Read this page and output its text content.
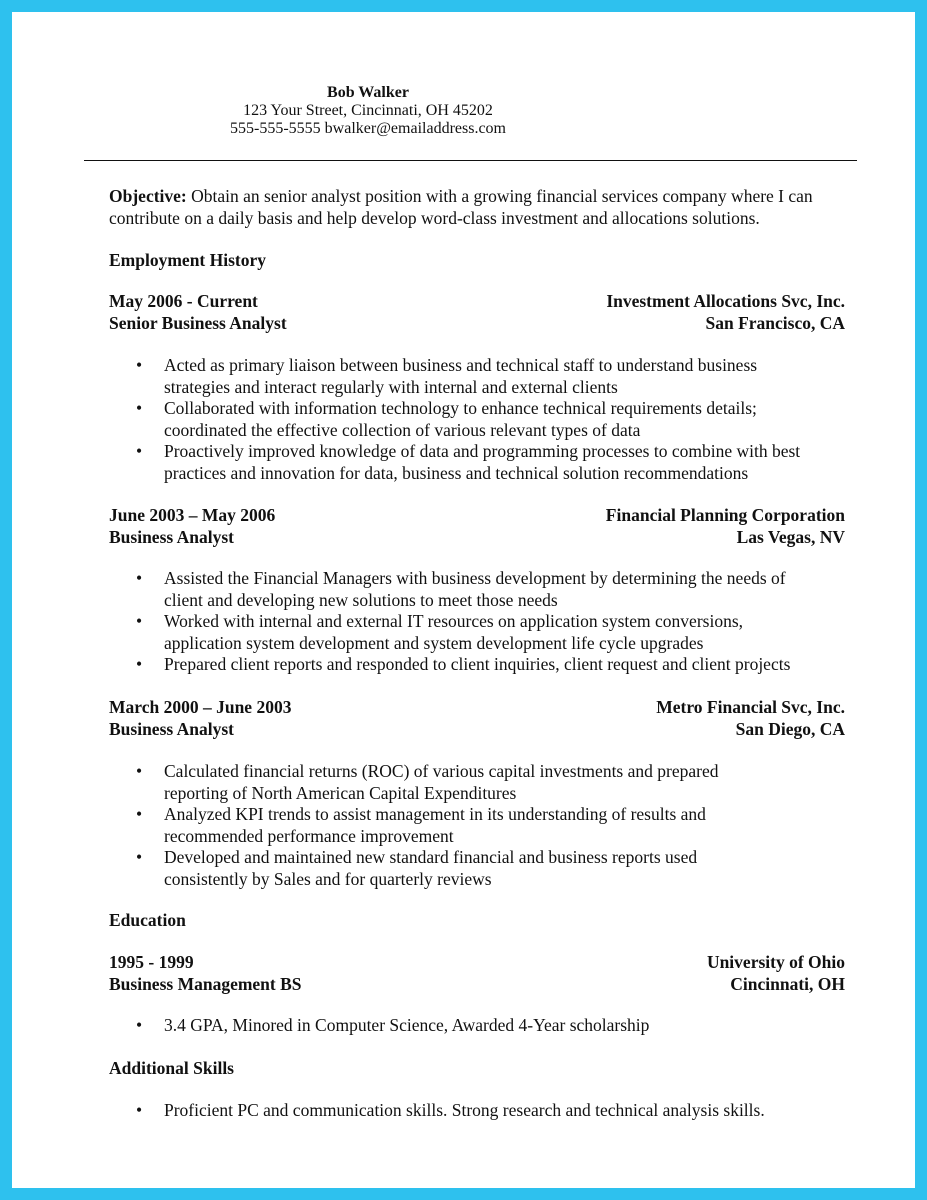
Bob Walker
123 Your Street, Cincinnati, OH 45202
555-555-5555 bwalker@emailaddress.com
Objective: Obtain an senior analyst position with a growing financial services company where I can contribute on a daily basis and help develop word-class investment and allocations solutions.
Employment History
May 2006 - Current	Investment Allocations Svc, Inc.
Senior Business Analyst	San Francisco, CA
• Acted as primary liaison between business and technical staff to understand business strategies and interact regularly with internal and external clients
• Collaborated with information technology to enhance technical requirements details; coordinated the effective collection of various relevant types of data
• Proactively improved knowledge of data and programming processes to combine with best practices and innovation for data, business and technical solution recommendations
June 2003 – May 2006	Financial Planning Corporation
Business Analyst	Las Vegas, NV
• Assisted the Financial Managers with business development by determining the needs of client and developing new solutions to meet those needs
• Worked with internal and external IT resources on application system conversions, application system development and system development life cycle upgrades
• Prepared client reports and responded to client inquiries, client request and client projects
March 2000 – June 2003	Metro Financial Svc, Inc.
Business Analyst	San Diego, CA
• Calculated financial returns (ROC) of various capital investments and prepared reporting of North American Capital Expenditures
• Analyzed KPI trends to assist management in its understanding of results and recommended performance improvement
• Developed and maintained new standard financial and business reports used consistently by Sales and for quarterly reviews
Education
1995 - 1999	University of Ohio
Business Management BS	Cincinnati, OH
• 3.4 GPA, Minored in Computer Science, Awarded 4-Year scholarship
Additional Skills
• Proficient PC and communication skills. Strong research and technical analysis skills.
